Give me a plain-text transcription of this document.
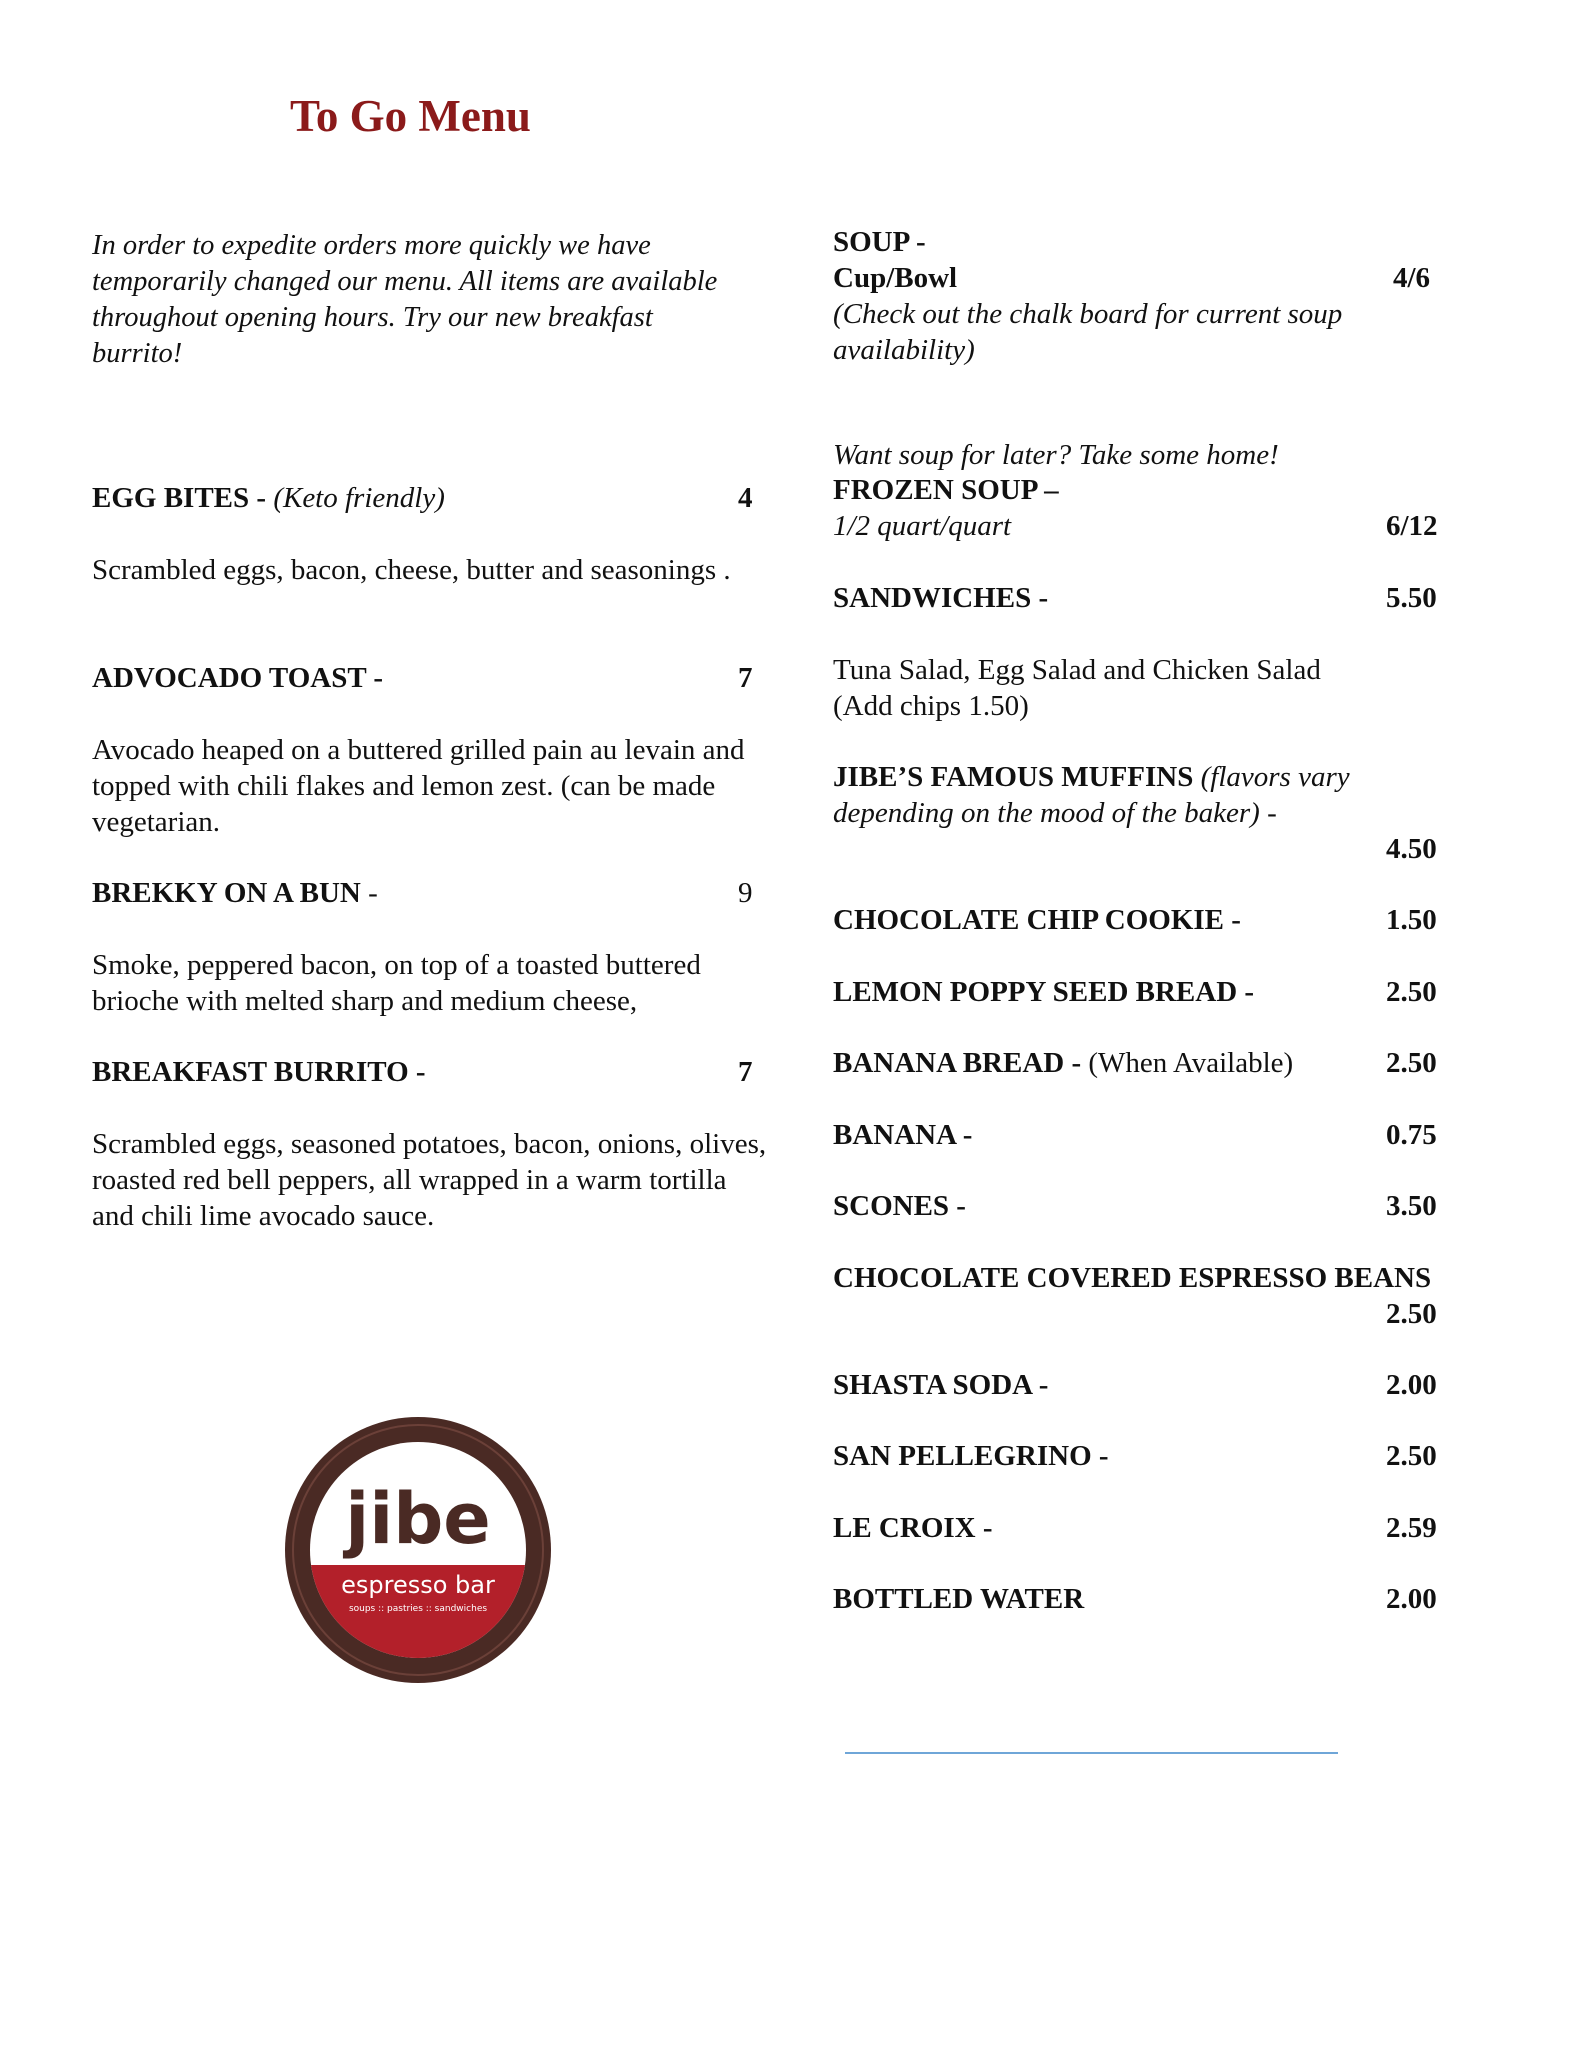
To Go Menu
In order to expedite orders more quickly we have temporarily changed our menu. All items are available throughout opening hours. Try our new breakfast burrito!
EGG BITES - (Keto friendly)	4
Scrambled eggs, bacon, cheese, butter and seasonings .
ADVOCADO TOAST -	7
Avocado heaped on a buttered grilled pain au levain and topped with chili flakes and lemon zest. (can be made vegetarian.
BREKKY ON A BUN -	9
Smoke, peppered bacon, on top of a toasted buttered brioche with melted sharp and medium cheese,
BREAKFAST BURRITO -	7
Scrambled eggs, seasoned potatoes, bacon, onions, olives, roasted red bell peppers, all wrapped in a warm tortilla and chili lime avocado sauce.
jibe
espresso bar
soups :: pastries :: sandwiches
SOUP -
Cup/Bowl	4/6
(Check out the chalk board for current soup availability)
Want soup for later? Take some home!
FROZEN SOUP –
1/2 quart/quart	6/12
SANDWICHES -	5.50
Tuna Salad, Egg Salad and Chicken Salad
(Add chips 1.50)
JIBE’S FAMOUS MUFFINS (flavors vary
depending on the mood of the baker) -
4.50
CHOCOLATE CHIP COOKIE -	1.50
LEMON POPPY SEED BREAD -	2.50
BANANA BREAD - (When Available)	2.50
BANANA -	0.75
SCONES -	3.50
CHOCOLATE COVERED ESPRESSO BEANS
2.50
SHASTA SODA -	2.00
SAN PELLEGRINO -	2.50
LE CROIX -	2.59
BOTTLED WATER	2.00
